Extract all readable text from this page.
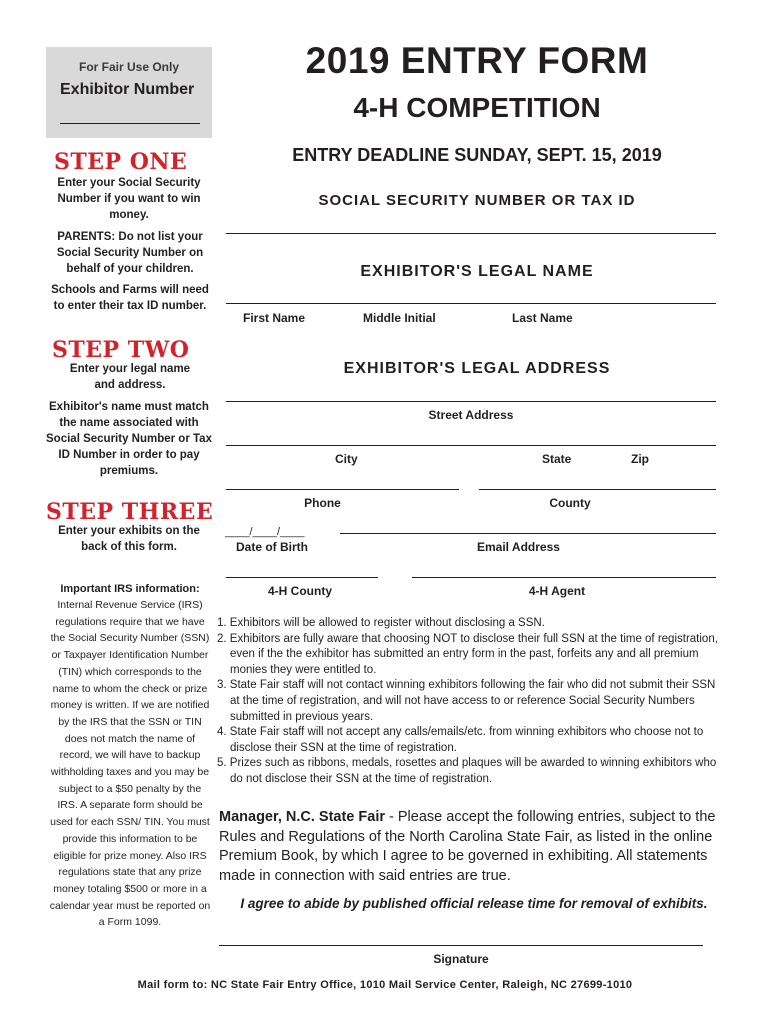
For Fair Use Only
Exhibitor Number
STEP ONE
Enter your Social Security Number if you want to win money.
PARENTS: Do not list your Social Security Number on behalf of your children.
Schools and Farms will need to enter their tax ID number.
STEP TWO
Enter your legal name and address.
Exhibitor's name must match the name associated with Social Security Number or Tax ID Number in order to pay premiums.
STEP THREE
Enter your exhibits on the back of this form.
Important IRS information:
Internal Revenue Service (IRS) regulations require that we have the Social Security Number (SSN) or Taxpayer Identification Number (TIN) which corresponds to the name to whom the check or prize money is written. If we are notified by the IRS that the SSN or TIN does not match the name of record, we will have to backup withholding taxes and you may be subject to a $50 penalty by the IRS. A separate form should be used for each SSN/ TIN. You must provide this information to be eligible for prize money. Also IRS regulations state that any prize money totaling $500 or more in a calendar year must be reported on a Form 1099.
2019 ENTRY FORM
4-H COMPETITION
ENTRY DEADLINE SUNDAY, SEPT. 15, 2019
SOCIAL SECURITY NUMBER OR TAX ID
EXHIBITOR'S LEGAL NAME
First Name	Middle Initial	Last Name
EXHIBITOR'S LEGAL ADDRESS
Street Address
City	State	Zip
Phone	County
____/____/____
Date of Birth	Email Address
4-H County	4-H Agent
1. Exhibitors will be allowed to register without disclosing a SSN.
2. Exhibitors are fully aware that choosing NOT to disclose their full SSN at the time of registration, even if the the exhibitor has submitted an entry form in the past, forfeits any and all premium monies they were entitled to.
3. State Fair staff will not contact winning exhibitors following the fair who did not submit their SSN at the time of registration, and will not have access to or reference Social Security Numbers submitted in previous years.
4. State Fair staff will not accept any calls/emails/etc. from winning exhibitors who choose not to disclose their SSN at the time of registration.
5. Prizes such as ribbons, medals, rosettes and plaques will be awarded to winning exhibitors who do not disclose their SSN at the time of registration.
Manager, N.C. State Fair - Please accept the following entries, subject to the Rules and Regulations of the North Carolina State Fair, as listed in the online Premium Book, by which I agree to be governed in exhibiting. All statements made in connection with said entries are true.
I agree to abide by published official release time for removal of exhibits.
Signature
Mail form to: NC State Fair Entry Office, 1010 Mail Service Center, Raleigh, NC 27699-1010
